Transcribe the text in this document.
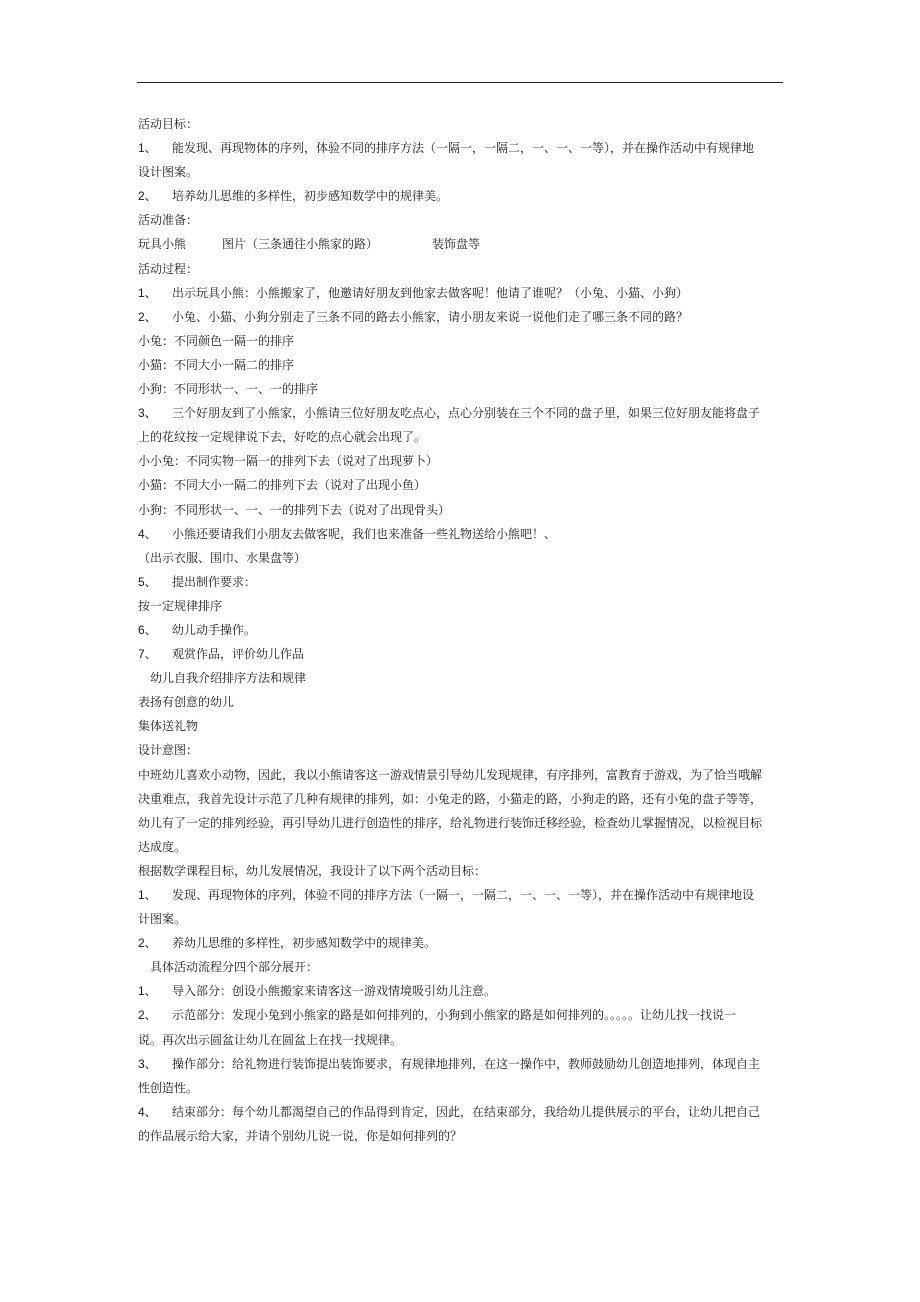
活动目标：
1、 能发现、再现物体的序列，体验不同的排序方法（一隔一，一隔二，一、一、一等），并在操作活动中有规律地
设计图案。
2、 培养幼儿思维的多样性，初步感知数学中的规律美。
活动准备：
玩具小熊　　　图片（三条通往小熊家的路）　　　　　装饰盘等
活动过程：
1、 出示玩具小熊：小熊搬家了，他邀请好朋友到他家去做客呢！他请了谁呢？（小兔、小猫、小狗）
2、 小兔、小猫、小狗分别走了三条不同的路去小熊家，请小朋友来说一说他们走了哪三条不同的路？
小兔：不同颜色一隔一的排序
小猫：不同大小一隔二的排序
小狗：不同形状一、一、一的排序
3、 三个好朋友到了小熊家，小熊请三位好朋友吃点心，点心分别装在三个不同的盘子里，如果三位好朋友能将盘子
上的花纹按一定规律说下去，好吃的点心就会出现了。
小小兔：不同实物一隔一的排列下去（说对了出现萝卜）
小猫：不同大小一隔二的排列下去（说对了出现小鱼）
小狗：不同形状一、一、一的排列下去（说对了出现骨头）
4、 小熊还要请我们小朋友去做客呢，我们也来准备一些礼物送给小熊吧！、
（出示衣服、围巾、水果盘等）
5、 提出制作要求：
按一定规律排序
6、 幼儿动手操作。
7、 观赏作品，评价幼儿作品
　幼儿自我介绍排序方法和规律
表扬有创意的幼儿
集体送礼物
设计意图：
中班幼儿喜欢小动物，因此，我以小熊请客这一游戏情景引导幼儿发现规律，有序排列，富教育于游戏，为了恰当哦解
决重难点，我首先设计示范了几种有规律的排列，如：小兔走的路，小猫走的路，小狗走的路，还有小兔的盘子等等，
幼儿有了一定的排列经验，再引导幼儿进行创造性的排序，给礼物进行装饰迁移经验，检查幼儿掌握情况，以检视目标
达成度。
根据数学课程目标，幼儿发展情况，我设计了以下两个活动目标：
1、 发现、再现物体的序列，体验不同的排序方法（一隔一，一隔二，一、一、一等），并在操作活动中有规律地设
计图案。
2、 养幼儿思维的多样性，初步感知数学中的规律美。
　具体活动流程分四个部分展开：
1、 导入部分：创设小熊搬家来请客这一游戏情境吸引幼儿注意。
2、 示范部分：发现小兔到小熊家的路是如何排列的，小狗到小熊家的路是如何排列的。。。。。让幼儿找一找说一
说。再次出示圆盆让幼儿在圆盆上在找一找规律。
3、 操作部分：给礼物进行装饰提出装饰要求，有规律地排列，在这一操作中，教师鼓励幼儿创造地排列，体现自主
性创造性。
4、 结束部分：每个幼儿都渴望自己的作品得到肯定，因此，在结束部分，我给幼儿提供展示的平台，让幼儿把自己
的作品展示给大家，并请个别幼儿说一说，你是如何排列的？
